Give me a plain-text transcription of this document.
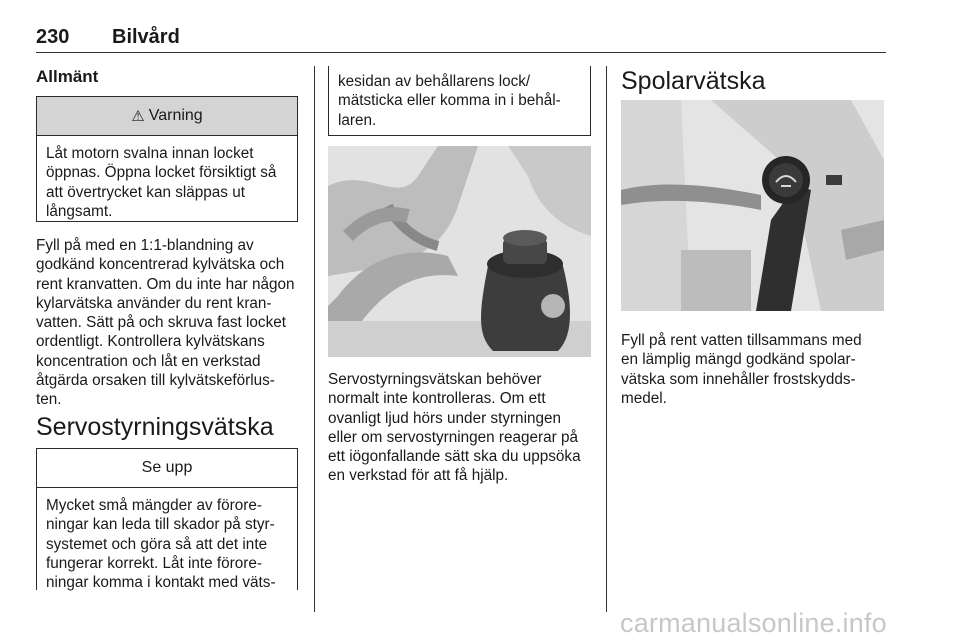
230 Bilvård
Allmänt
⚠ Varning
Låt motorn svalna innan locket
öppnas. Öppna locket försiktigt så
att övertrycket kan släppas ut
långsamt.

Fyll på med en 1:1-blandning av
godkänd koncentrerad kylvätska och
rent kranvatten. Om du inte har någon
kylarvätska använder du rent kran-
vatten. Sätt på och skruva fast locket
ordentligt. Kontrollera kylvätskans
koncentration och låt en verkstad
åtgärda orsaken till kylvätskeförlus-
ten.

Servostyrningsvätska
Se upp
Mycket små mängder av förore-
ningar kan leda till skador på styr-
systemet och göra så att det inte
fungerar korrekt. Låt inte förore-
ningar komma i kontakt med väts-
kesidan av behållarens lock/
mätsticka eller komma in i behål-
laren.

Servostyrningsvätskan behöver
normalt inte kontrolleras. Om ett
ovanligt ljud hörs under styrningen
eller om servostyrningen reagerar på
ett iögonfallande sätt ska du uppsöka
en verkstad för att få hjälp.

Spolarvätska

Fyll på rent vatten tillsammans med
en lämplig mängd godkänd spolar-
vätska som innehåller frostskydds-
medel.

carmanualsonline.info
